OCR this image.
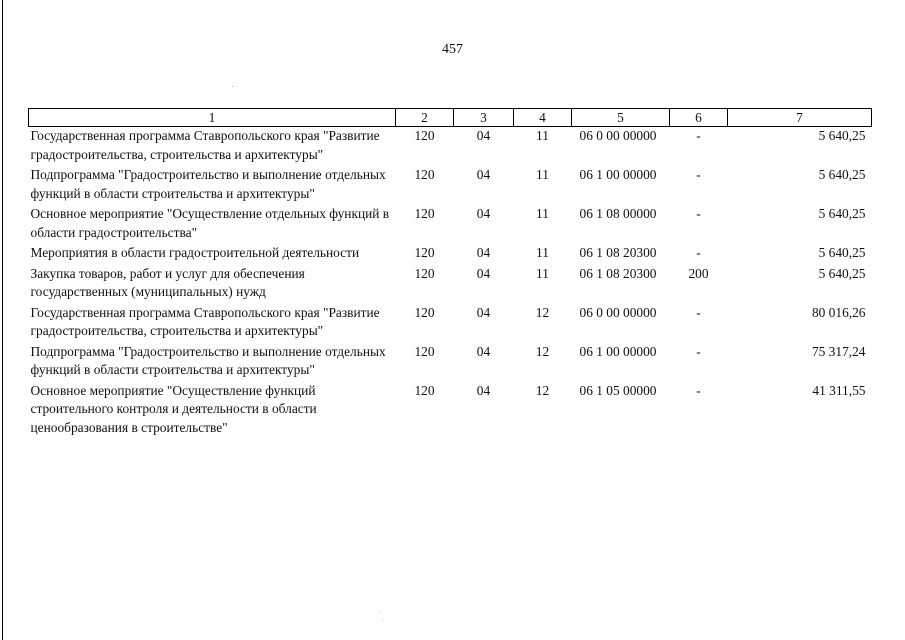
457
1	2	3	4	5	6	7
Государственная программа Ставропольского края "Развитие градостроительства, строительства и архитектуры"	120	04	11	06 0 00 00000	-	5 640,25
Подпрограмма "Градостроительство и выполнение отдельных функций в области строительства и архитектуры"	120	04	11	06 1 00 00000	-	5 640,25
Основное мероприятие "Осуществление отдельных функций в области градостроительства"	120	04	11	06 1 08 00000	-	5 640,25
Мероприятия в области градостроительной деятельности	120	04	11	06 1 08 20300	-	5 640,25
Закупка товаров, работ и услуг для обеспечения государственных (муниципальных) нужд	120	04	11	06 1 08 20300	200	5 640,25
Государственная программа Ставропольского края "Развитие градостроительства, строительства и архитектуры"	120	04	12	06 0 00 00000	-	80 016,26
Подпрограмма "Градостроительство и выполнение отдельных функций в области строительства и архитектуры"	120	04	12	06 1 00 00000	-	75 317,24
Основное мероприятие "Осуществление функций строительного контроля и деятельности в области ценообразования в строительстве"	120	04	12	06 1 05 00000	-	41 311,55
